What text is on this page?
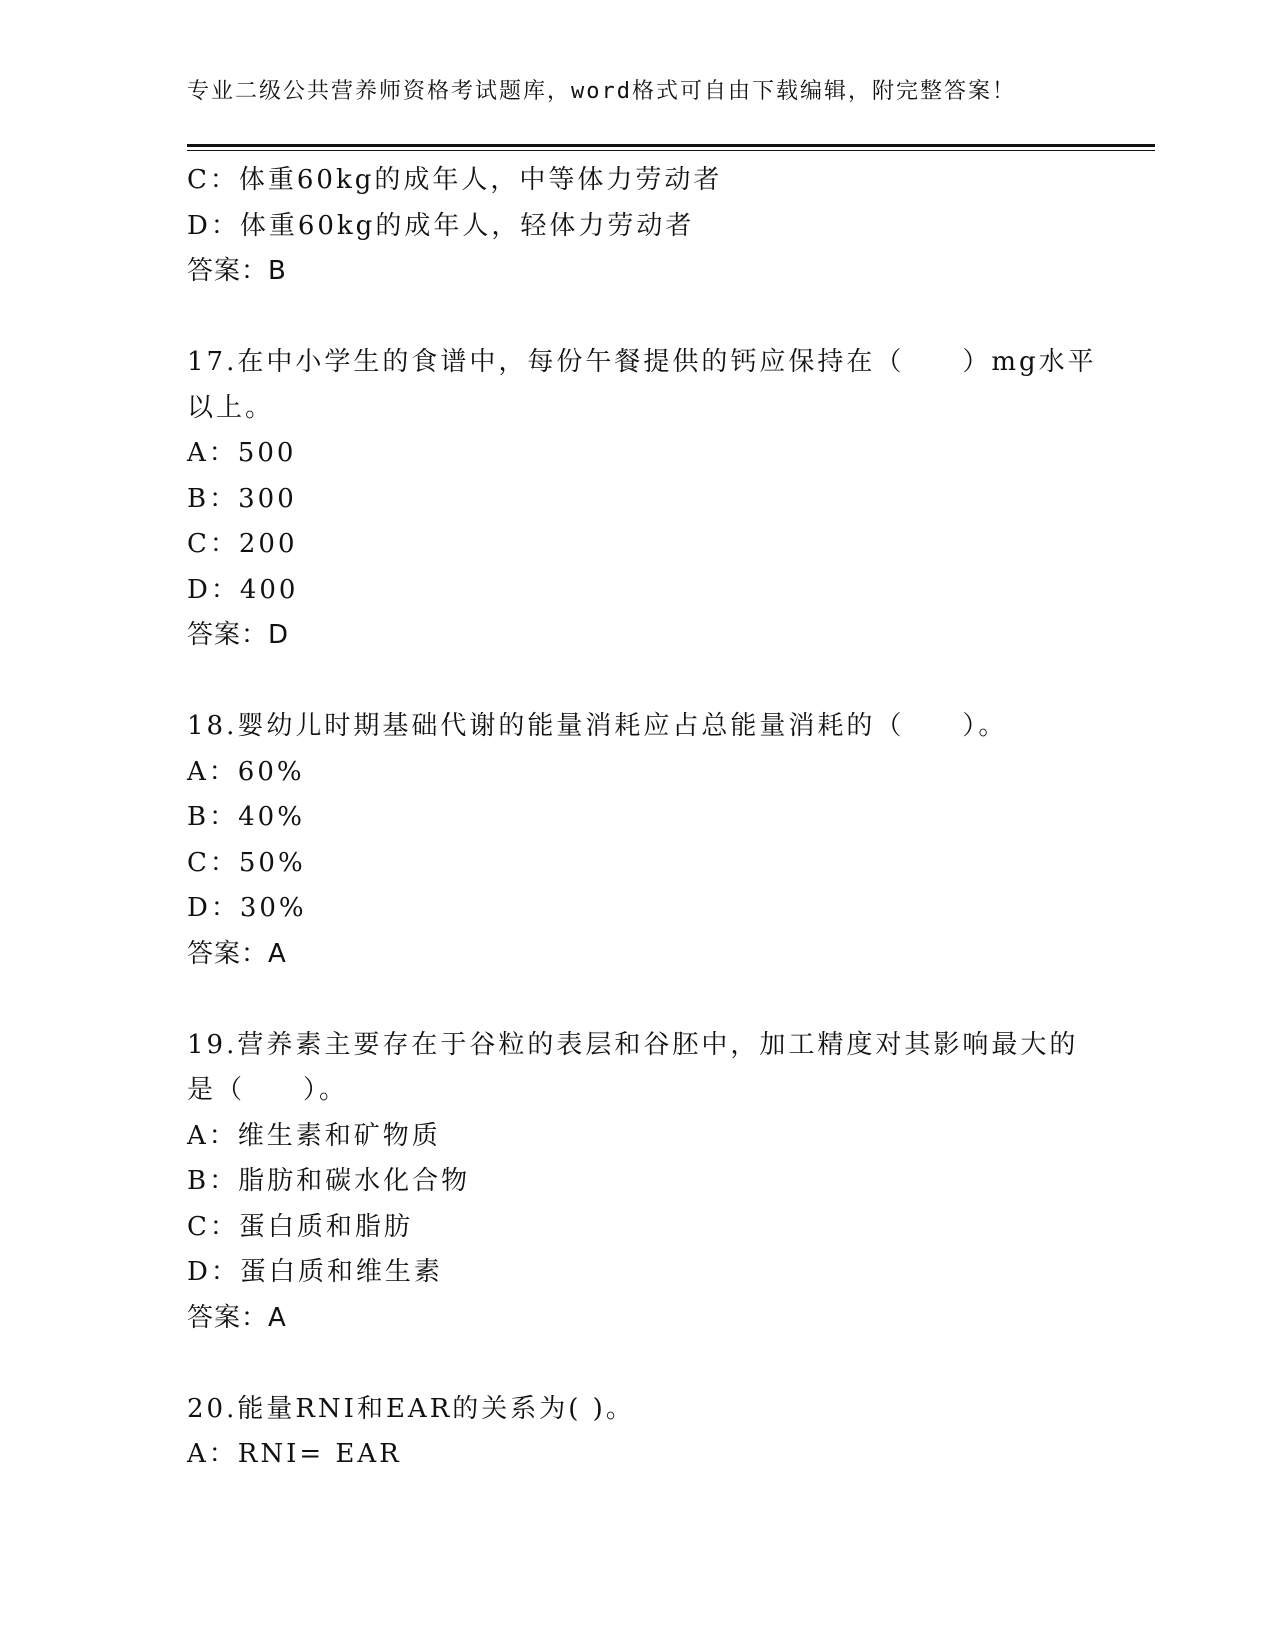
专业二级公共营养师资格考试题库，word格式可自由下载编辑，附完整答案！
C：体重60kg的成年人，中等体力劳动者
D：体重60kg的成年人，轻体力劳动者
答案：B
17.在中小学生的食谱中，每份午餐提供的钙应保持在（　　）mg水平
以上。
A：500
B：300
C：200
D：400
答案：D
18.婴幼儿时期基础代谢的能量消耗应占总能量消耗的（　　）。
A：60%
B：40%
C：50%
D：30%
答案：A
19.营养素主要存在于谷粒的表层和谷胚中，加工精度对其影响最大的
是（　　）。
A：维生素和矿物质
B：脂肪和碳水化合物
C：蛋白质和脂肪
D：蛋白质和维生素
答案：A
20.能量RNI和EAR的关系为( )。
A：RNI= EAR
